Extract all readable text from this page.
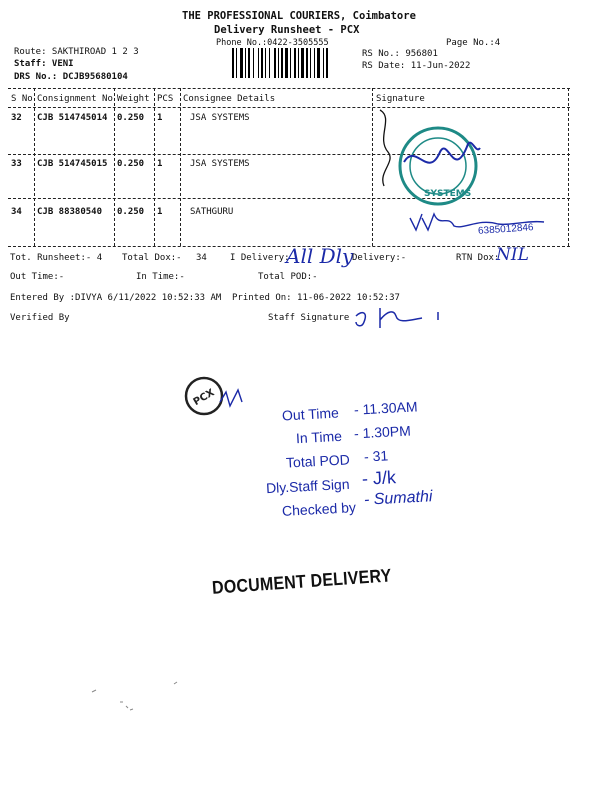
THE PROFESSIONAL COURIERS, Coimbatore
Delivery Runsheet - PCX
Phone No.:0422-3505555	Page No.:4
Route: SAKTHIROAD 1 2 3
Staff: VENI
DRS No.: DCJB95680104
RS No.: 956801
RS Date: 11-Jun-2022
S No Consignment No Weight PCS Consignee Details	Signature
32 CJB 514745014 0.250 1	JSA SYSTEMS
33 CJB 514745015 0.250 1	JSA SYSTEMS
34 CJB 88380540 0.250 1	SATHGURU
SYSTEMS
6385012846
Tot. Runsheet:- 4 Total Dox:- 34	I Delivery:
All Dly
Delivery:-	RTN Dox:
NIL
Out Time:-	In Time:-	Total POD:-
Entered By :DIVYA 6/11/2022 10:52:33 AM Printed On: 11-06-2022 10:52:37
Verified By	Staff Signature
PCX
Out Time - 11.30AM
In Time - 1.30PM
Total POD - 31
Dly.Staff Sign - J/k
Checked by
- Sumathi
DOCUMENT DELIVERY
